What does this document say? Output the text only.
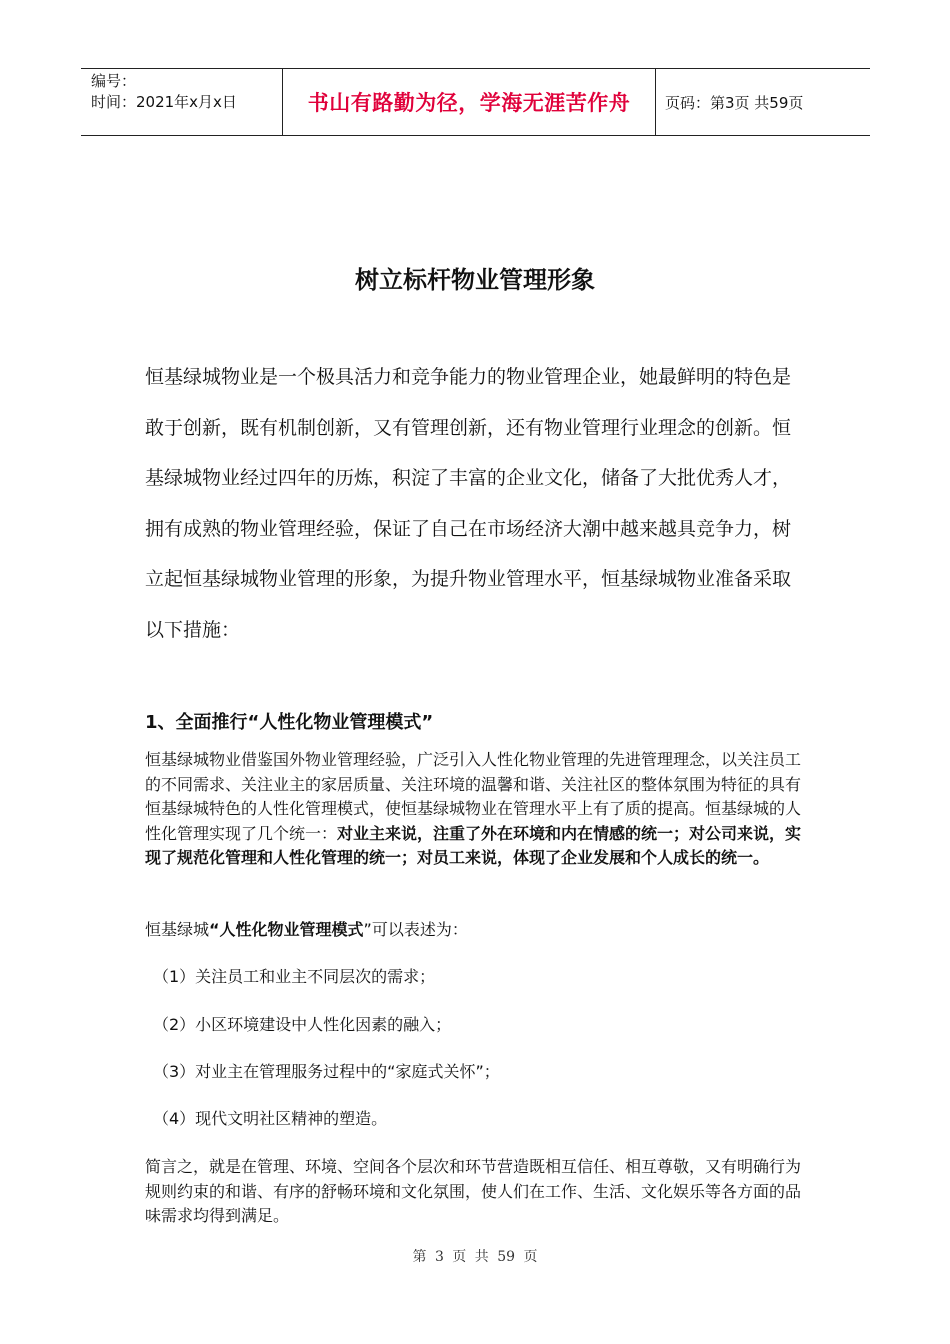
编号：
时间：2021年x月x日	书山有路勤为径，学海无涯苦作舟 页码：第3页 共59页
树立标杆物业管理形象

恒基绿城物业是一个极具活力和竞争能力的物业管理企业，她最鲜明的特色是敢于创新，既有机制创新，又有管理创新，还有物业管理行业理念的创新。恒基绿城物业经过四年的历炼，积淀了丰富的企业文化，储备了大批优秀人才，拥有成熟的物业管理经验，保证了自己在市场经济大潮中越来越具竞争力，树立起恒基绿城物业管理的形象，为提升物业管理水平，恒基绿城物业准备采取以下措施：

1、全面推行“人性化物业管理模式”

恒基绿城物业借鉴国外物业管理经验，广泛引入人性化物业管理的先进管理理念，以关注员工的不同需求、关注业主的家居质量、关注环境的温馨和谐、关注社区的整体氛围为特征的具有恒基绿城特色的人性化管理模式，使恒基绿城物业在管理水平上有了质的提高。恒基绿城的人性化管理实现了几个统一：对业主来说，注重了外在环境和内在情感的统一；对公司来说，实现了规范化管理和人性化管理的统一；对员工来说，体现了企业发展和个人成长的统一。

恒基绿城“人性化物业管理模式”可以表述为：

（1）关注员工和业主不同层次的需求；

（2）小区环境建设中人性化因素的融入；

（3）对业主在管理服务过程中的“家庭式关怀”；

（4）现代文明社区精神的塑造。

简言之，就是在管理、环境、空间各个层次和环节营造既相互信任、相互尊敬，又有明确行为规则约束的和谐、有序的舒畅环境和文化氛围，使人们在工作、生活、文化娱乐等各方面的品味需求均得到满足。

第 3 页 共 59 页
